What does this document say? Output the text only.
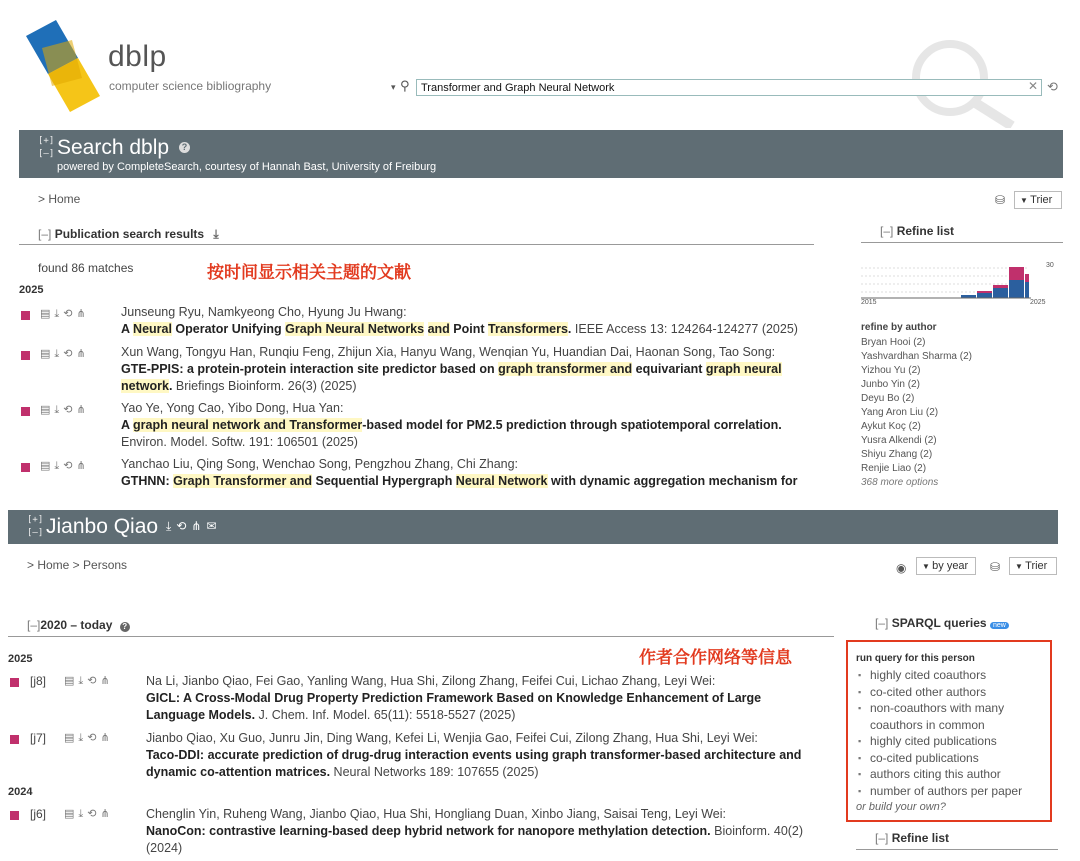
dblp
computer science bibliography	▾ ⚲	Transformer and Graph Neural Network	✕ ⟲
[+]
[–] Search dblp	?
powered by CompleteSearch, courtesy of Hannah Bast, University of Freiburg
> Home	⛁	▼ Trier
[–] Publication search results ⤓
found 86 matches	按时间显示相关主题的文献
2025
▤⤓⟲⋔	Junseung Ryu, Namkyeong Cho, Hyung Ju Hwang:
A Neural Operator Unifying Graph Neural Networks and Point Transformers. IEEE Access 13: 124264-124277 (2025)
▤⤓⟲⋔	Xun Wang, Tongyu Han, Runqiu Feng, Zhijun Xia, Hanyu Wang, Wenqian Yu, Huandian Dai, Haonan Song, Tao Song:
GTE-PPIS: a protein-protein interaction site predictor based on graph transformer and equivariant graph neural network. Briefings Bioinform. 26(3) (2025)
▤⤓⟲⋔	Yao Ye, Yong Cao, Yibo Dong, Hua Yan:
A graph neural network and Transformer-based model for PM2.5 prediction through spatiotemporal correlation. Environ. Model. Softw. 191: 106501 (2025)
▤⤓⟲⋔	Yanchao Liu, Qing Song, Wenchao Song, Pengzhou Zhang, Chi Zhang:
GTHNN: Graph Transformer and Sequential Hypergraph Neural Network with dynamic aggregation mechanism for
[–] Refine list
30
2015	2025
refine by author
Bryan Hooi (2)
Yashvardhan Sharma (2)
Yizhou Yu (2)
Junbo Yin (2)
Deyu Bo (2)
Yang Aron Liu (2)
Aykut Koç (2)
Yusra Alkendi (2)
Shiyu Zhang (2)
Renjie Liao (2)
368 more options
[+]
[–] Jianbo Qiao ⤓⟲⋔✉
> Home > Persons	◉	▼ by year	⛁	▼ Trier
[–]2020 – today ?
作者合作网络等信息
2025
[j8] ▤⤓⟲⋔	Na Li, Jianbo Qiao, Fei Gao, Yanling Wang, Hua Shi, Zilong Zhang, Feifei Cui, Lichao Zhang, Leyi Wei:
GICL: A Cross-Modal Drug Property Prediction Framework Based on Knowledge Enhancement of Large Language Models. J. Chem. Inf. Model. 65(11): 5518-5527 (2025)
[j7] ▤⤓⟲⋔	Jianbo Qiao, Xu Guo, Junru Jin, Ding Wang, Kefei Li, Wenjia Gao, Feifei Cui, Zilong Zhang, Hua Shi, Leyi Wei:
Taco-DDI: accurate prediction of drug-drug interaction events using graph transformer-based architecture and dynamic co-attention matrices. Neural Networks 189: 107655 (2025)
2024
[j6] ▤⤓⟲⋔	Chenglin Yin, Ruheng Wang, Jianbo Qiao, Hua Shi, Hongliang Duan, Xinbo Jiang, Saisai Teng, Leyi Wei:
NanoCon: contrastive learning-based deep hybrid network for nanopore methylation detection. Bioinform. 40(2) (2024)
[–] SPARQL queries new
run query for this person
▪ highly cited coauthors
▪ co-cited other authors
▪ non-coauthors with many coauthors in common
▪ highly cited publications
▪ co-cited publications
▪ authors citing this author
▪ number of authors per paper
or build your own?
[–] Refine list
